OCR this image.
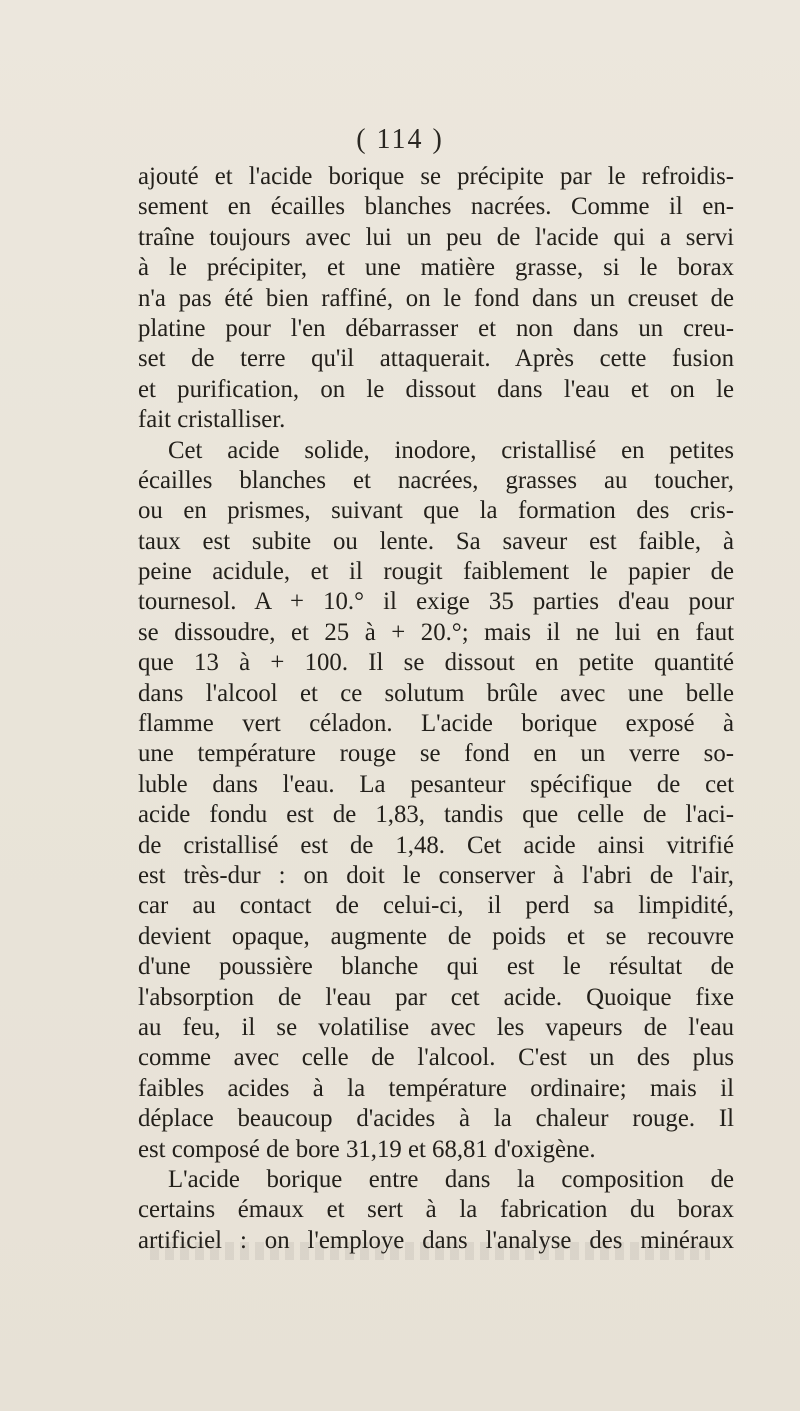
( 114 )
ajouté et l'acide borique se précipite par le refroidis-
sement en écailles blanches nacrées. Comme il en-
traîne toujours avec lui un peu de l'acide qui a servi
à le précipiter, et une matière grasse, si le borax
n'a pas été bien raffiné, on le fond dans un creuset de
platine pour l'en débarrasser et non dans un creu-
set de terre qu'il attaquerait. Après cette fusion
et purification, on le dissout dans l'eau et on le
fait cristalliser.
Cet acide solide, inodore, cristallisé en petites
écailles blanches et nacrées, grasses au toucher,
ou en prismes, suivant que la formation des cris-
taux est subite ou lente. Sa saveur est faible, à
peine acidule, et il rougit faiblement le papier de
tournesol. A + 10.° il exige 35 parties d'eau pour
se dissoudre, et 25 à + 20.°; mais il ne lui en faut
que 13 à + 100. Il se dissout en petite quantité
dans l'alcool et ce solutum brûle avec une belle
flamme vert céladon. L'acide borique exposé à
une température rouge se fond en un verre so-
luble dans l'eau. La pesanteur spécifique de cet
acide fondu est de 1,83, tandis que celle de l'aci-
de cristallisé est de 1,48. Cet acide ainsi vitrifié
est très-dur : on doit le conserver à l'abri de l'air,
car au contact de celui-ci, il perd sa limpidité,
devient opaque, augmente de poids et se recouvre
d'une poussière blanche qui est le résultat de
l'absorption de l'eau par cet acide. Quoique fixe
au feu, il se volatilise avec les vapeurs de l'eau
comme avec celle de l'alcool. C'est un des plus
faibles acides à la température ordinaire; mais il
déplace beaucoup d'acides à la chaleur rouge. Il
est composé de bore 31,19 et 68,81 d'oxigène.
L'acide borique entre dans la composition de
certains émaux et sert à la fabrication du borax
artificiel : on l'employe dans l'analyse des minéraux
